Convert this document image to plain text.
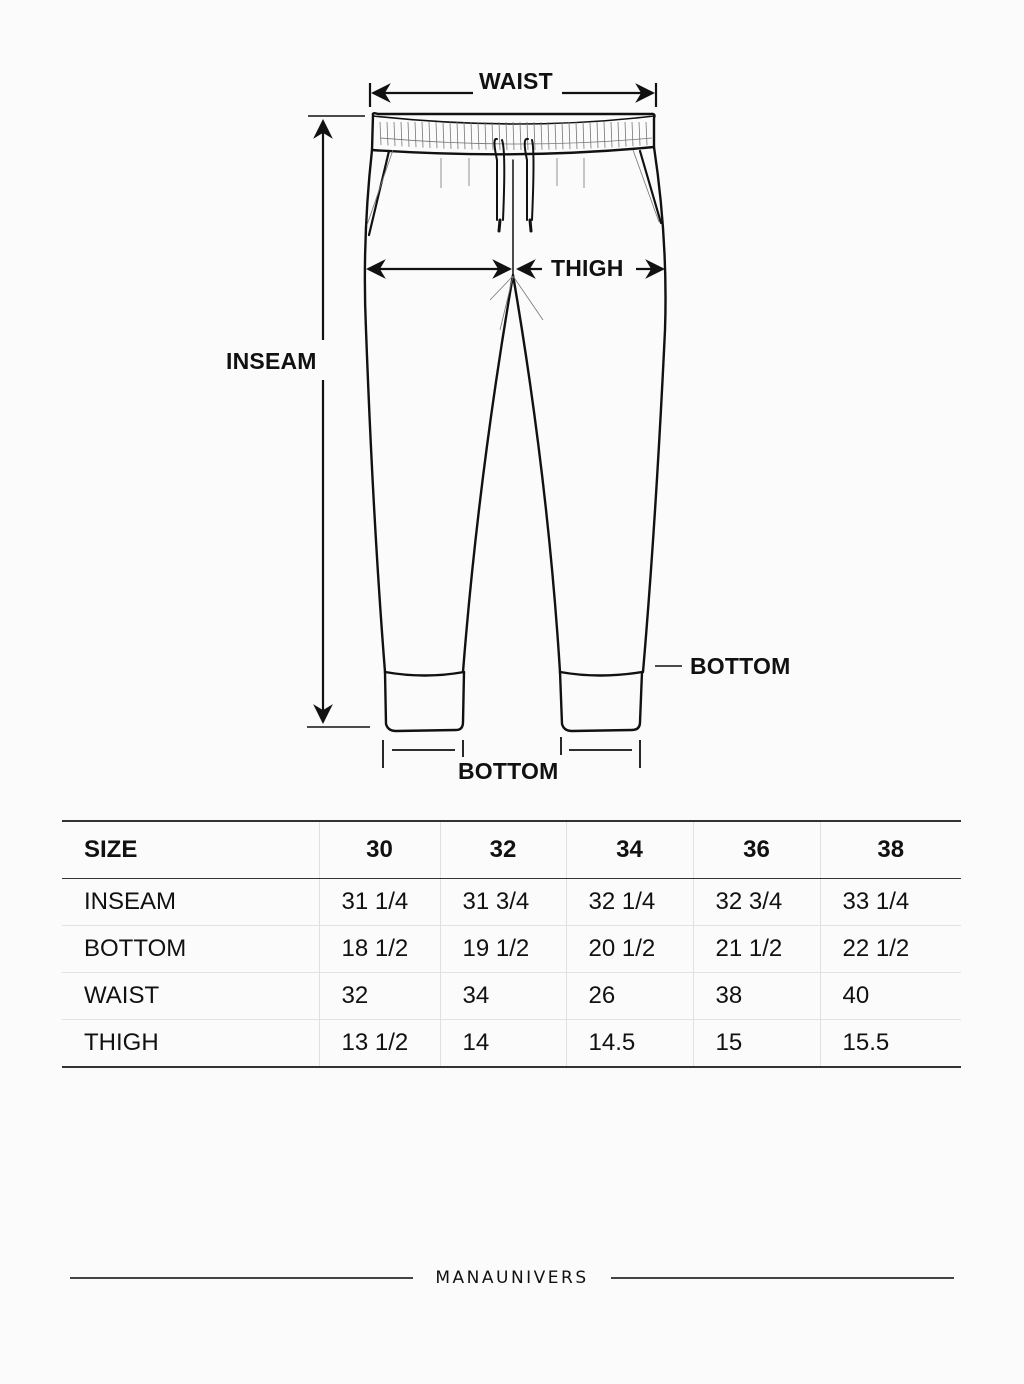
WAIST
THIGH
INSEAM
BOTTOM
BOTTOM
SIZE	30	32	34	36	38
INSEAM	31 1/4	31 3/4	32 1/4	32 3/4	33 1/4
BOTTOM	18 1/2	19 1/2	20 1/2	21 1/2	22 1/2
WAIST	32	34	26	38	40
THIGH	13 1/2	14	14.5	15	15.5
MANAUNIVERS
